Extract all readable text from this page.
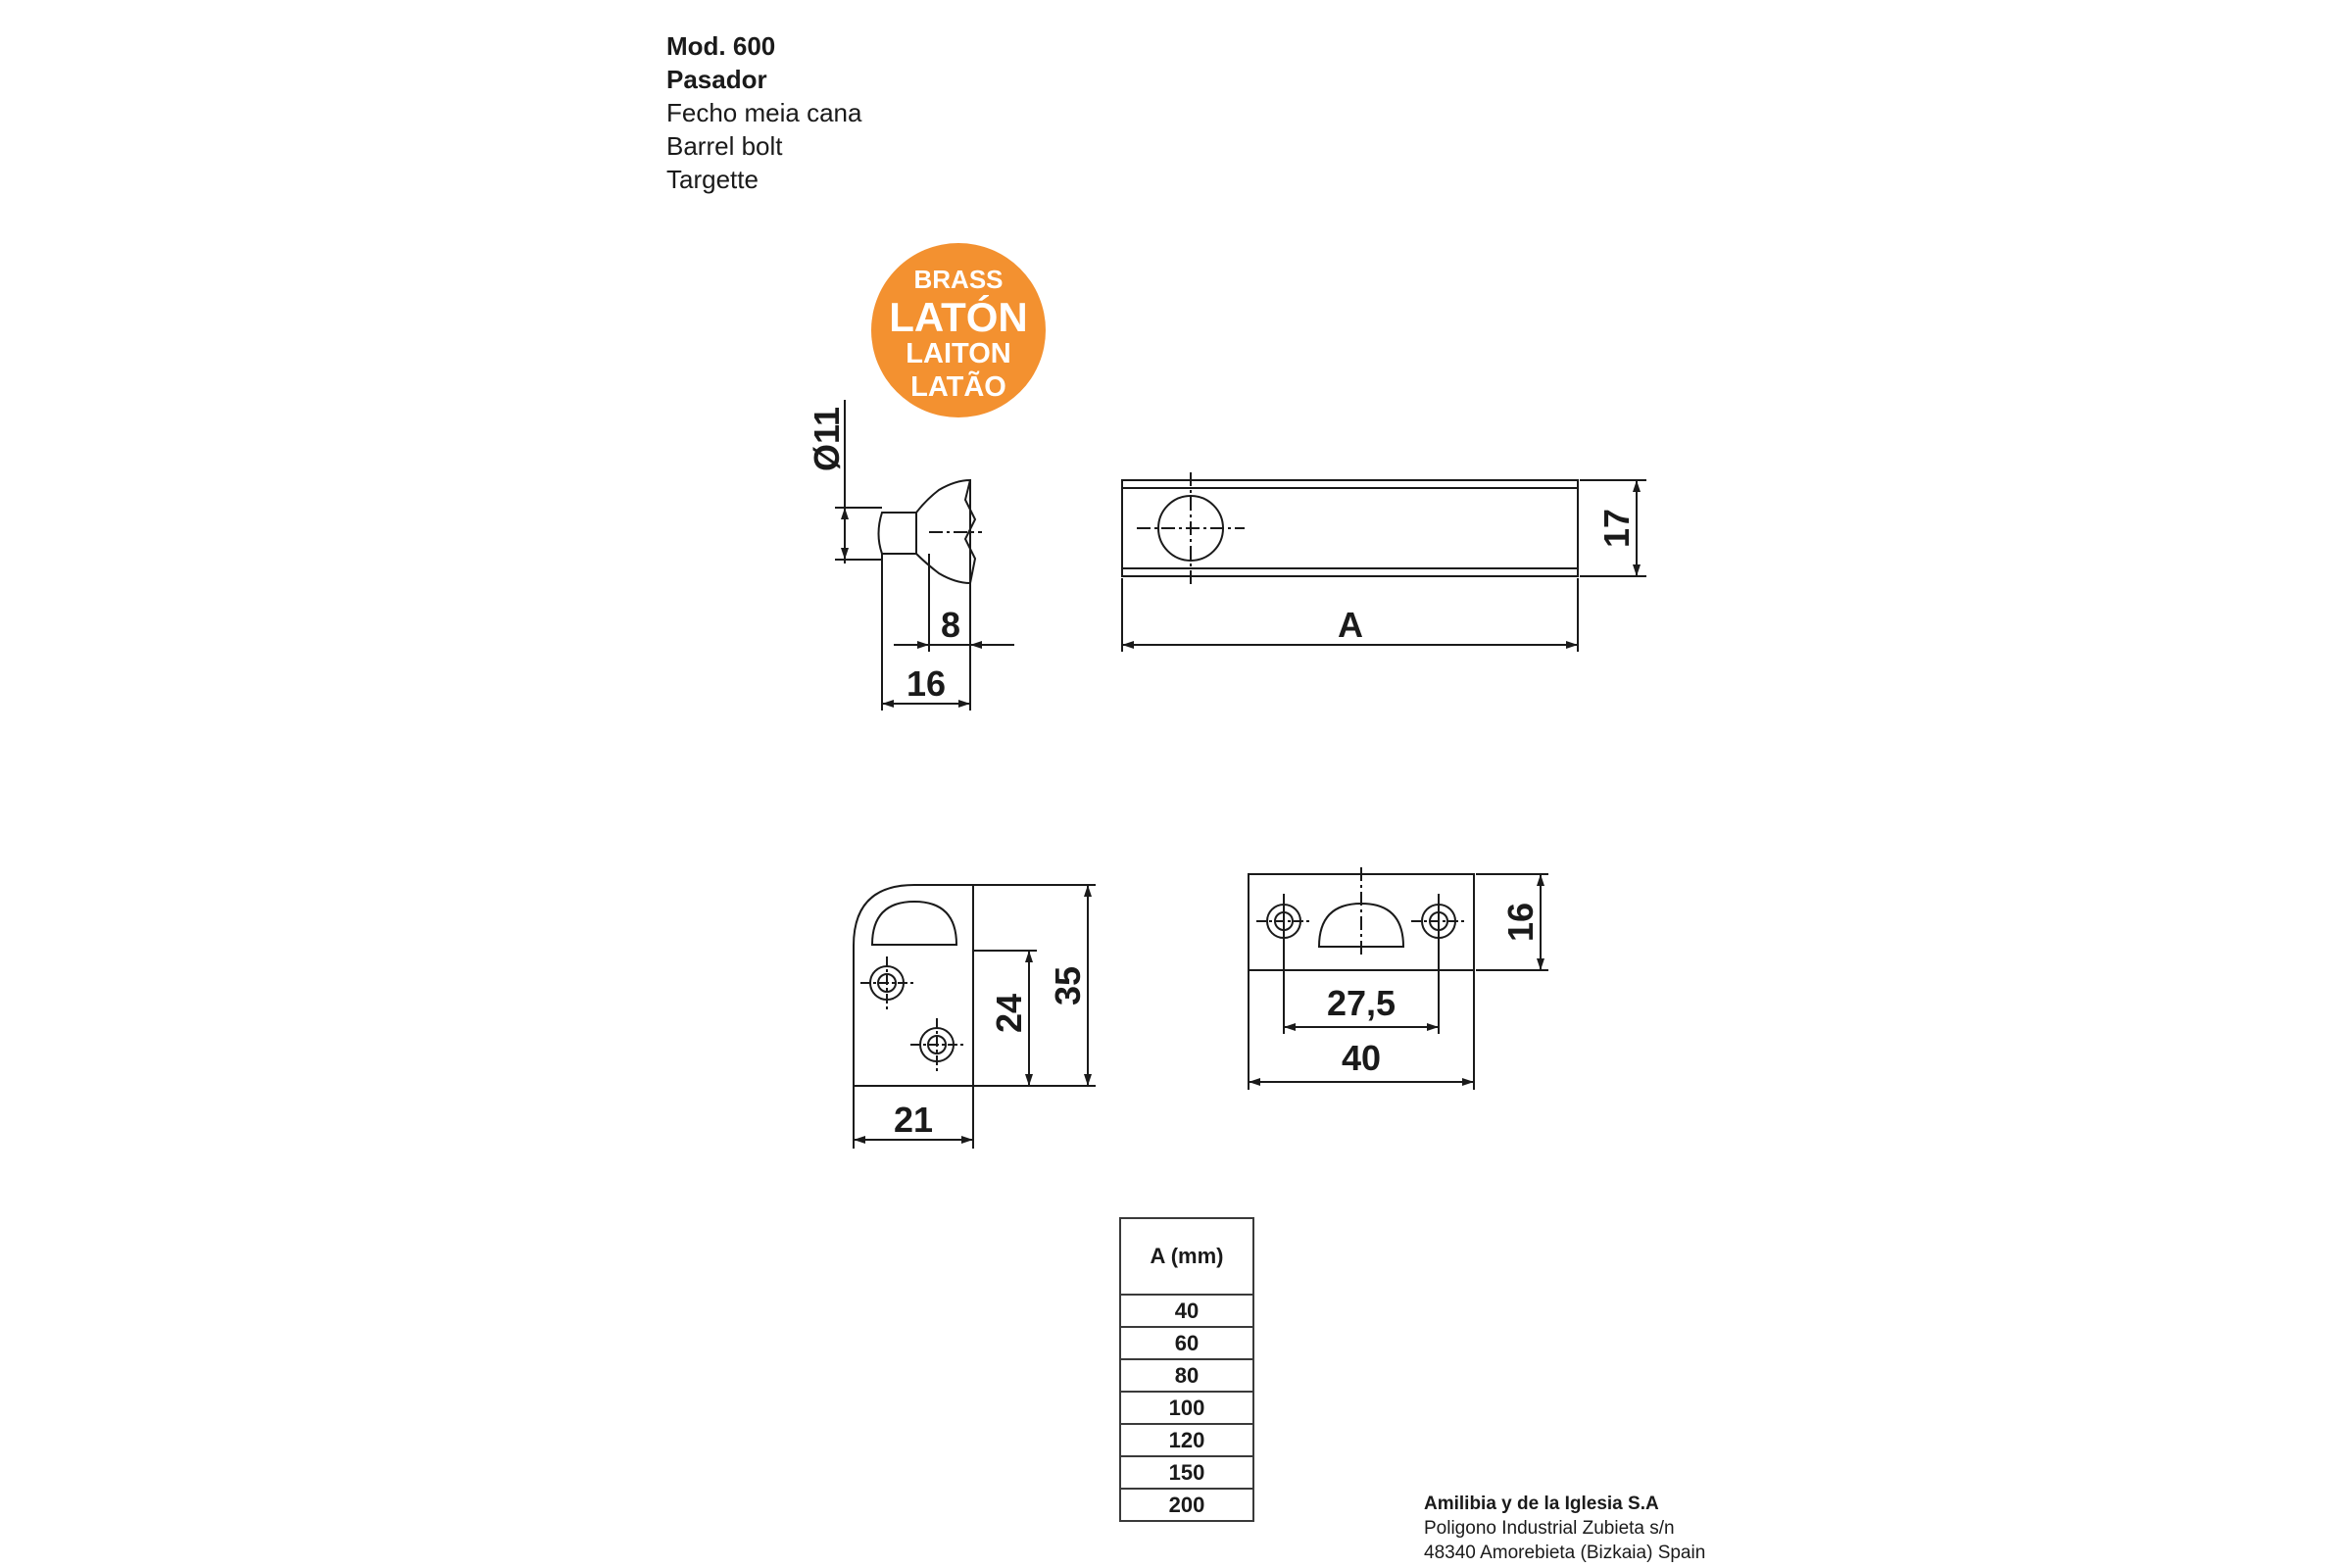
Mod. 600
Pasador
Fecho meia cana
Barrel bolt
Targette
BRASS
LATÓN
LAITON
LATÃO
Ø11
8
16
17
A
35
24
21
16
27,5
40
A (mm)
40
60
80
100
120
150
200	Amilibia y de la Iglesia S.A
Poligono Industrial Zubieta s/n
48340 Amorebieta (Bizkaia) Spain
